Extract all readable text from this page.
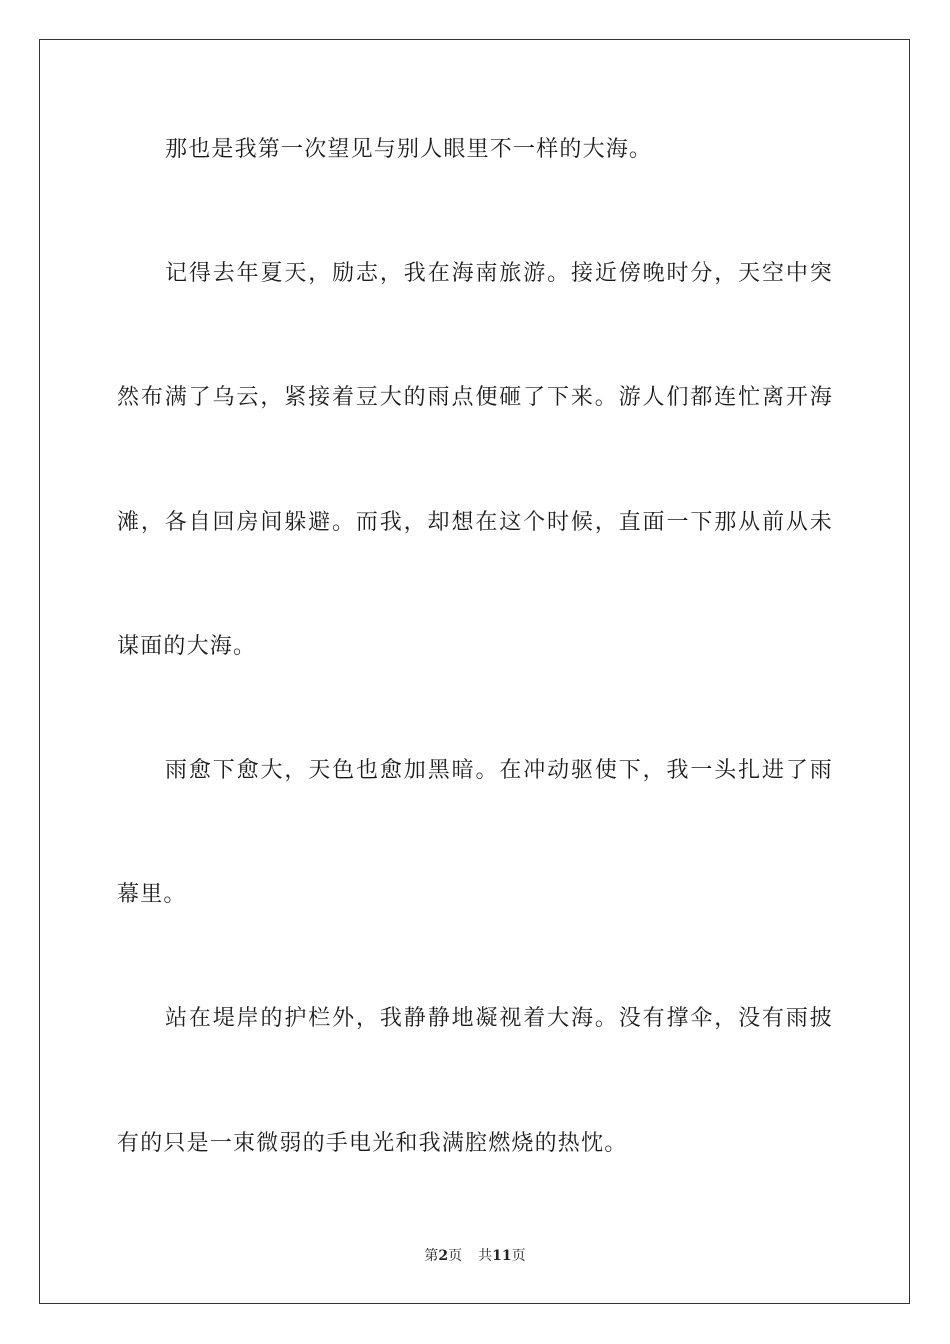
那也是我第一次望见与别人眼里不一样的大海。
记得去年夏天，励志，我在海南旅游。接近傍晚时分，天空中突
然布满了乌云，紧接着豆大的雨点便砸了下来。游人们都连忙离开海
滩，各自回房间躲避。而我，却想在这个时候，直面一下那从前从未
谋面的大海。
雨愈下愈大，天色也愈加黑暗。在冲动驱使下，我一头扎进了雨
幕里。
站在堤岸的护栏外，我静静地凝视着大海。没有撑伞，没有雨披
有的只是一束微弱的手电光和我满腔燃烧的热忱。
第2页 共11页
